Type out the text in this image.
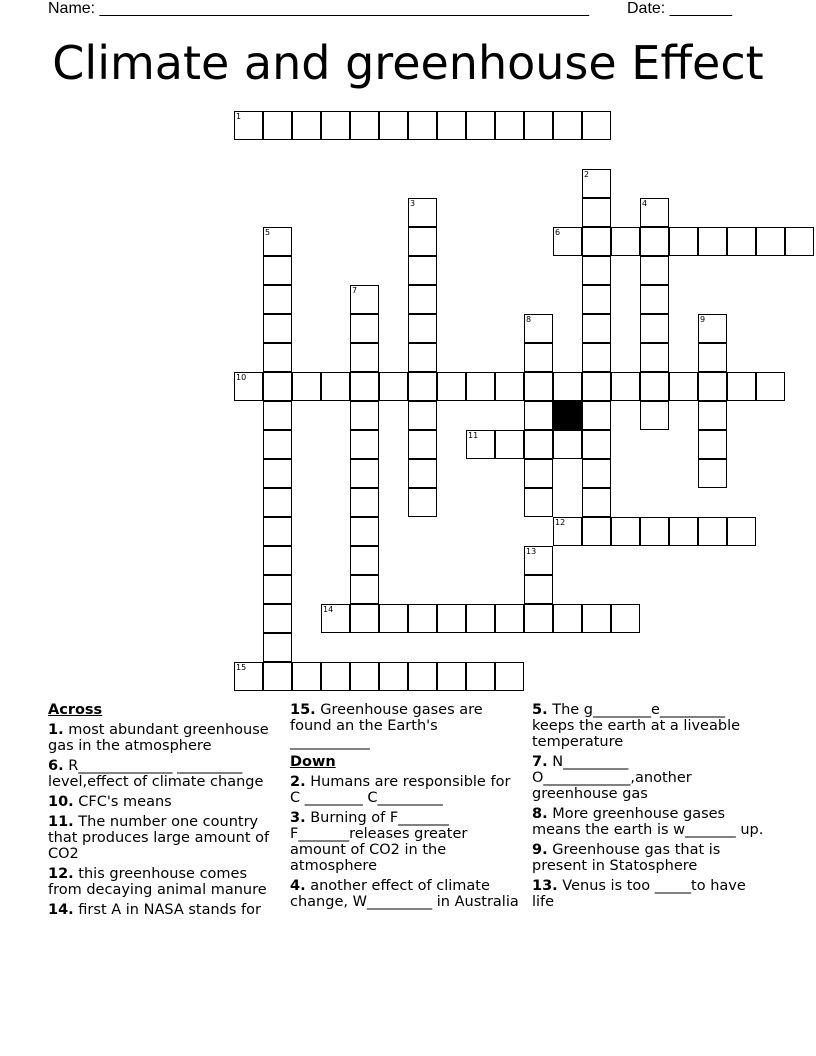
Name: _______________________________________________________ Date: _______
Climate and greenhouse Effect
1
2
3	4
5	6
7
8	9
10
11
12
13
14
15
Across
1. most abundant greenhouse gas in the atmosphere
6. R_____________ _________ level,effect of climate change
10. CFC's means
11. The number one country that produces large amount of CO2
12. this greenhouse comes from decaying animal manure
14. first A in NASA stands for
15. Greenhouse gases are found an the Earth's ___________
Down
2. Humans are responsible for C ________ C_________
3. Burning of F_______ F_______releases greater amount of CO2 in the atmosphere
4. another effect of climate change, W_________ in Australia
5. The g________e_________ keeps the earth at a liveable temperature
7. N_________ O____________,another greenhouse gas
8. More greenhouse gases means the earth is w_______ up.
9. Greenhouse gas that is present in Statosphere
13. Venus is too _____to have life
